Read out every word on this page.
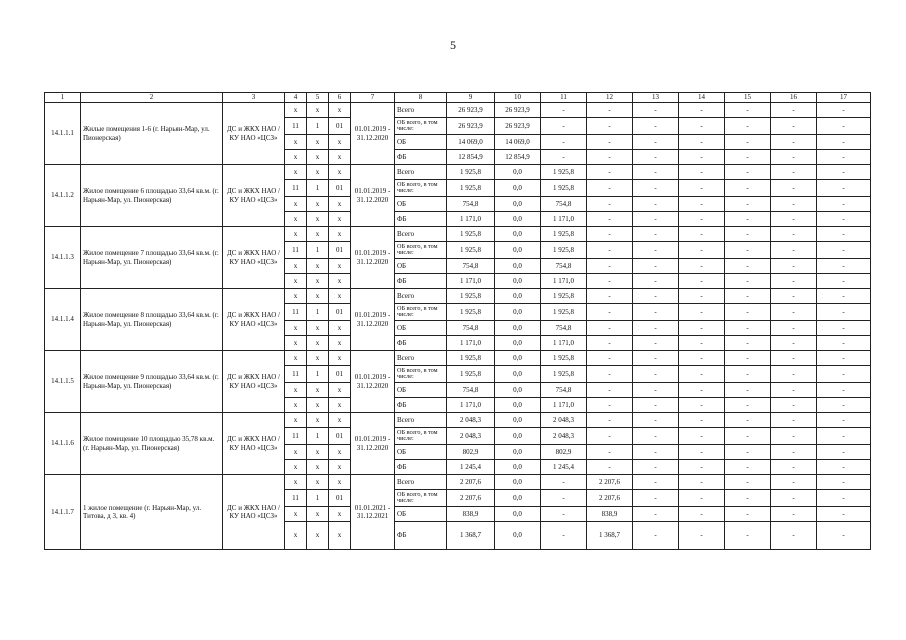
5
1	2	3	4	5	6	7	8	9	10	11	12	13	14	15	16	17
14.1.1.1	Жилые помещения 1-6 (г. Нарьян-Мар, ул. Пионерская)	ДС и ЖКХ НАО / КУ НАО «ЦСЗ»	х	х	х	01.01.2019 - 31.12.2020	Всего	26 923,9	26 923,9	-	-	-	-	-	-	-
			11	1	01		ОБ всего, в том числе:	26 923,9	26 923,9	-	-	-	-	-	-	-
			х	х	х		ОБ	14 069,0	14 069,0	-	-	-	-	-	-	-
			х	х	х		ФБ	12 854,9	12 854,9	-	-	-	-	-	-	-
14.1.1.2	Жилое помещение 6 площадью 33,64 кв.м. (г. Нарьян-Мар, ул. Пионерская)	ДС и ЖКХ НАО / КУ НАО «ЦСЗ»	х	х	х	01.01.2019 - 31.12.2020	Всего	1 925,8	0,0	1 925,8	-	-	-	-	-	-
			11	1	01		ОБ всего, в том числе:	1 925,8	0,0	1 925,8	-	-	-	-	-	-
			х	х	х		ОБ	754,8	0,0	754,8	-	-	-	-	-	-
			х	х	х		ФБ	1 171,0	0,0	1 171,0	-	-	-	-	-	-
14.1.1.3	Жилое помещение 7 площадью 33,64 кв.м. (г. Нарьян-Мар, ул. Пионерская)	ДС и ЖКХ НАО / КУ НАО «ЦСЗ»	х	х	х	01.01.2019 - 31.12.2020	Всего	1 925,8	0,0	1 925,8	-	-	-	-	-	-
			11	1	01		ОБ всего, в том числе:	1 925,8	0,0	1 925,8	-	-	-	-	-	-
			х	х	х		ОБ	754,8	0,0	754,8	-	-	-	-	-	-
			х	х	х		ФБ	1 171,0	0,0	1 171,0	-	-	-	-	-	-
14.1.1.4	Жилое помещение 8 площадью 33,64 кв.м. (г. Нарьян-Мар, ул. Пионерская)	ДС и ЖКХ НАО / КУ НАО «ЦСЗ»	х	х	х	01.01.2019 - 31.12.2020	Всего	1 925,8	0,0	1 925,8	-	-	-	-	-	-
			11	1	01		ОБ всего, в том числе:	1 925,8	0,0	1 925,8	-	-	-	-	-	-
			х	х	х		ОБ	754,8	0,0	754,8	-	-	-	-	-	-
			х	х	х		ФБ	1 171,0	0,0	1 171,0	-	-	-	-	-	-
14.1.1.5	Жилое помещение 9 площадью 33,64 кв.м. (г. Нарьян-Мар, ул. Пионерская)	ДС и ЖКХ НАО / КУ НАО «ЦСЗ»	х	х	х	01.01.2019 - 31.12.2020	Всего	1 925,8	0,0	1 925,8	-	-	-	-	-	-
			11	1	01		ОБ всего, в том числе:	1 925,8	0,0	1 925,8	-	-	-	-	-	-
			х	х	х		ОБ	754,8	0,0	754,8	-	-	-	-	-	-
			х	х	х		ФБ	1 171,0	0,0	1 171,0	-	-	-	-	-	-
14.1.1.6	Жилое помещение 10 площадью 35,78 кв.м. (г. Нарьян-Мар, ул. Пионерская)	ДС и ЖКХ НАО / КУ НАО «ЦСЗ»	х	х	х	01.01.2019 - 31.12.2020	Всего	2 048,3	0,0	2 048,3	-	-	-	-	-	-
			11	1	01		ОБ всего, в том числе:	2 048,3	0,0	2 048,3	-	-	-	-	-	-
			х	х	х		ОБ	802,9	0,0	802,9	-	-	-	-	-	-
			х	х	х		ФБ	1 245,4	0,0	1 245,4	-	-	-	-	-	-
14.1.1.7	1 жилое помещение (г. Нарьян-Мар, ул. Титова, д 3, кв. 4)	ДС и ЖКХ НАО / КУ НАО «ЦСЗ»	х	х	х	01.01.2021 - 31.12.2021	Всего	2 207,6	0,0	-	2 207,6	-	-	-	-	-
			11	1	01		ОБ всего, в том числе:	2 207,6	0,0	-	2 207,6	-	-	-	-	-
			х	х	х		ОБ	838,9	0,0	-	838,9	-	-	-	-	-
			х	х	х		ФБ	1 368,7	0,0	-	1 368,7	-	-	-	-	-
